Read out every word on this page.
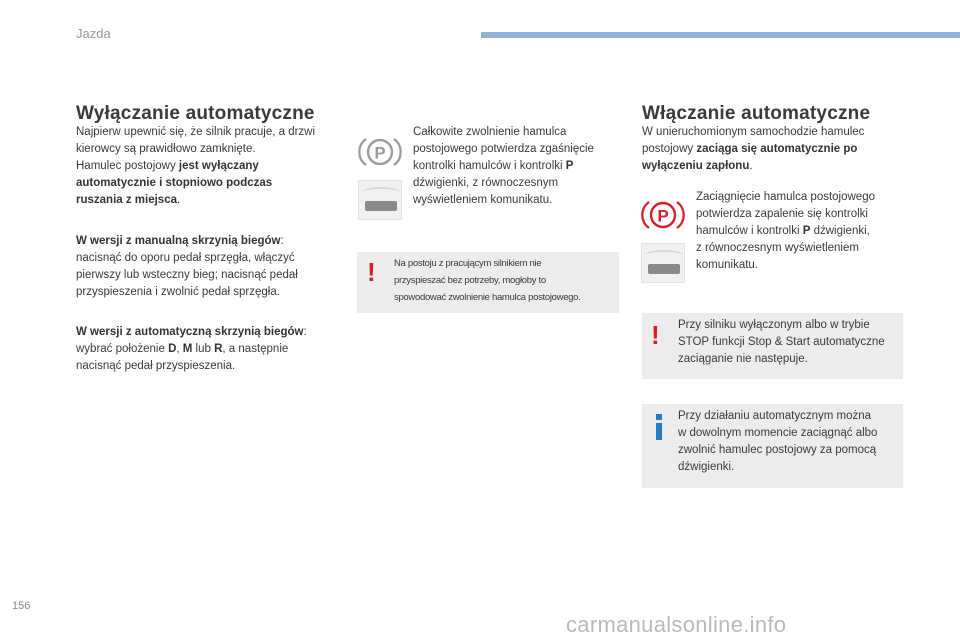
Jazda
Wyłączanie automatyczne
Najpierw upewnić się, że silnik pracuje, a drzwi
kierowcy są prawidłowo zamknięte.
Hamulec postojowy jest wyłączany
automatycznie i stopniowo podczas
ruszania z miejsca.
W wersji z manualną skrzynią biegów:
nacisnąć do oporu pedał sprzęgła, włączyć
pierwszy lub wsteczny bieg; nacisnąć pedał
przyspieszenia i zwolnić pedał sprzęgła.
W wersji z automatyczną skrzynią biegów:
wybrać położenie D, M lub R, a następnie
nacisnąć pedał przyspieszenia.
P
Całkowite zwolnienie hamulca
postojowego potwierdza zgaśnięcie
kontrolki hamulców i kontrolki P
dźwigienki, z równoczesnym
wyświetleniem komunikatu.
! Na postoju z pracującym silnikiem nie
przyspieszać bez potrzeby, mogłoby to
spowodować zwolnienie hamulca postojowego.
Włączanie automatyczne
W unieruchomionym samochodzie hamulec
postojowy zaciąga się automatycznie po
wyłączeniu zapłonu.
P
Zaciągnięcie hamulca postojowego
potwierdza zapalenie się kontrolki
hamulców i kontrolki P dźwigienki,
z równoczesnym wyświetleniem
komunikatu.
! Przy silniku wyłączonym albo w trybie
STOP funkcji Stop & Start automatyczne
zaciąganie nie następuje.
Przy działaniu automatycznym można
w dowolnym momencie zaciągnąć albo
zwolnić hamulec postojowy za pomocą
dźwigienki.
156
carmanualsonline.info
